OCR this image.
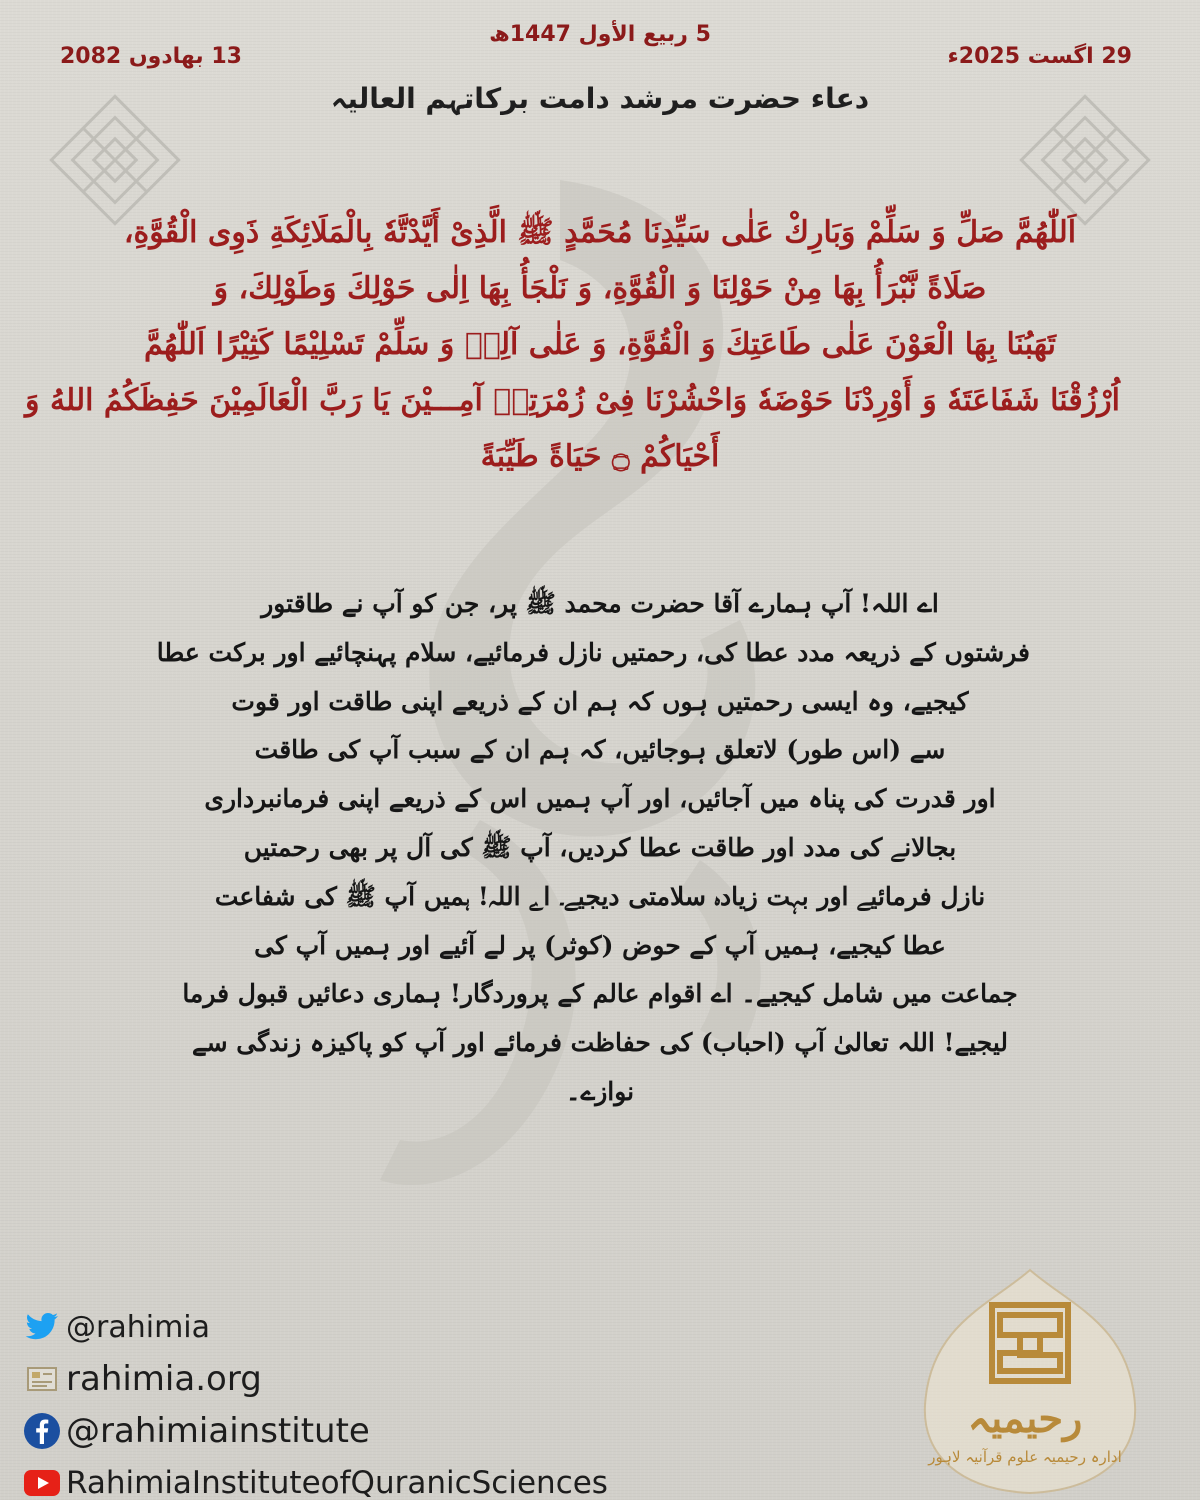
5 ربیع الأول 1447ھ
13 بھادوں 2082	29 اگست 2025ء
دعاء حضرت مرشد دامت برکاتہم العالیہ
اَللّٰهُمَّ صَلِّ وَ سَلِّمْ وَبَارِكْ عَلٰى سَيِّدِنَا مُحَمَّدٍ ﷺ الَّذِىْ أَيَّدْتَّهٗ بِالْمَلَائِكَةِ ذَوِى الْقُوَّةِ،
صَلَاةً نَّبْرَأُ بِهَا مِنْ حَوْلِنَا وَ الْقُوَّةِ، وَ نَلْجَأُ بِهَا اِلٰى حَوْلِكَ وَطَوْلِكَ، وَ
تَهَبُنَا بِهَا الْعَوْنَ عَلٰى طَاعَتِكَ وَ الْقُوَّةِ، وَ عَلٰى آلِهٖ وَ سَلِّمْ تَسْلِيْمًا كَثِيْرًا اَللّٰهُمَّ
اُرْزُقْنَا شَفَاعَتَهٗ وَ أَوْرِدْنَا حَوْضَهٗ وَاحْشُرْنَا فِىْ زُمْرَتِهٖ آمِـــيْنَ يَا رَبَّ الْعَالَمِيْنَ حَفِظَكُمُ اللهُ وَ
أَحْيَاكُمْ ۝ حَيَاةً طَيِّبَةً
اے اللہ! آپ ہمارے آقا حضرت محمد ﷺ پر، جن کو آپ نے طاقتور
فرشتوں کے ذریعہ مدد عطا کی، رحمتیں نازل فرمائیے، سلام پہنچائیے اور برکت عطا
کیجیے، وہ ایسی رحمتیں ہوں کہ ہم ان کے ذریعے اپنی طاقت اور قوت
سے (اس طور) لاتعلق ہوجائیں، کہ ہم ان کے سبب آپ کی طاقت
اور قدرت کی پناہ میں آجائیں، اور آپ ہمیں اس کے ذریعے اپنی فرمانبرداری
بجالانے کی مدد اور طاقت عطا کردیں، آپ ﷺ کی آل پر بھی رحمتیں
نازل فرمائیے اور بہت زیادہ سلامتی دیجیے۔ اے اللہ! ہمیں آپ ﷺ کی شفاعت
عطا کیجیے، ہمیں آپ کے حوض (کوثر) پر لے آئیے اور ہمیں آپ کی
جماعت میں شامل کیجیے۔ اے اقوام عالم کے پروردگار! ہماری دعائیں قبول فرما
لیجیے! اللہ تعالیٰ آپ (احباب) کی حفاظت فرمائے اور آپ کو پاکیزہ زندگی سے
نوازے۔
@rahimia
rahimia.org
@rahimiainstitute
RahimiaInstituteofQuranicSciences
رحیمیہ
ادارہ رحیمیہ علوم قرآنیہ لاہور
